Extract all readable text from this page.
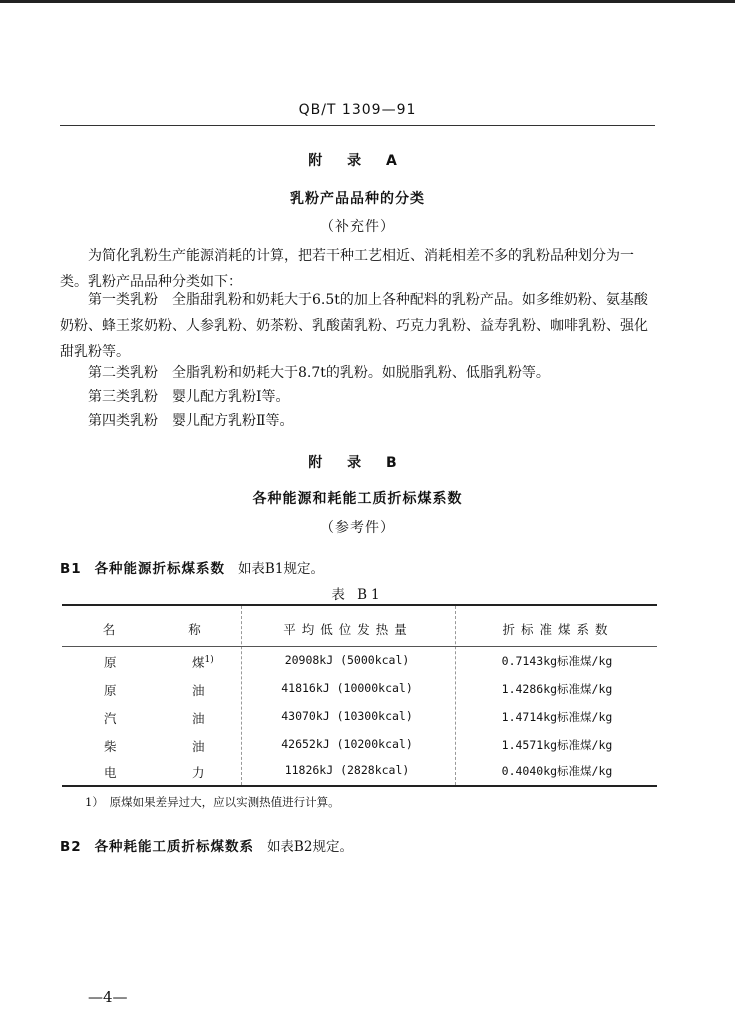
QB/T 1309—91
附 录 A
乳粉产品品种的分类
（补充件）
为简化乳粉生产能源消耗的计算，把若干种工艺相近、消耗相差不多的乳粉品种划分为一类。乳粉产品品种分类如下：
第一类乳粉　全脂甜乳粉和奶耗大于6.5t的加上各种配料的乳粉产品。如多维奶粉、氨基酸奶粉、蜂王浆奶粉、人参乳粉、奶茶粉、乳酸菌乳粉、巧克力乳粉、益寿乳粉、咖啡乳粉、强化甜乳粉等。
第二类乳粉　全脂乳粉和奶耗大于8.7t的乳粉。如脱脂乳粉、低脂乳粉等。
第三类乳粉　婴儿配方乳粉Ⅰ等。
第四类乳粉　婴儿配方乳粉Ⅱ等。
附 录 B
各种能源和耗能工质折标煤系数
（参考件）
B1 各种能源折标煤系数 如表B1规定。
表 B1
名	称	平均低位发热量	折标准煤系数
原	煤$^{1)}$	20908kJ (5000kcal)	0.7143kg标准煤/kg
原	油	41816kJ (10000kcal)	1.4286kg标准煤/kg
汽	油	43070kJ (10300kcal)	1.4714kg标准煤/kg
柴	油	42652kJ (10200kcal)	1.4571kg标准煤/kg
电	力	11826kJ (2828kcal)	0.4040kg标准煤/kg
1）　原煤如果差异过大，应以实测热值进行计算。
B2 各种耗能工质折标煤数系 如表B2规定。
—4—
